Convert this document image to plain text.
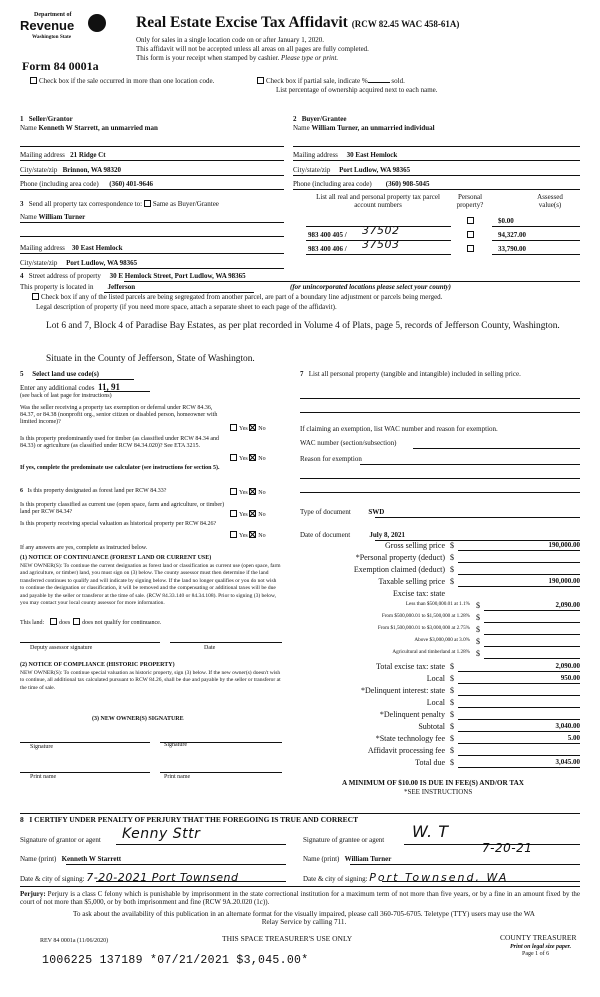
Department of
Revenue
Washington State
Form 84 0001a
Real Estate Excise Tax Affidavit (RCW 82.45 WAC 458-61A)
Only for sales in a single location code on or after January 1, 2020.
This affidavit will not be accepted unless all areas on all pages are fully completed.
This form is your receipt when stamped by cashier. Please type or print.
Check box if the sale occurred in more than one location code.	Check box if partial sale, indicate %	sold.
List percentage of ownership acquired next to each name.
1 Seller/Grantor
Name Kenneth W Starrett, an unmarried man
2 Buyer/Grantee
Name William Turner, an unmarried individual
Mailing address 21 Ridge Ct
City/state/zip Brinnon, WA 98320
Phone (including area code) (360) 401-9646
Mailing address 30 East Hemlock
City/state/zip Port Ludlow, WA 98365
Phone (including area code) (360) 908-5045
3 Send all property tax correspondence to: Same as Buyer/Grantee
Name William Turner
Mailing address 30 East Hemlock
City/state/zip Port Ludlow, WA 98365
List all real and personal property tax parcel account numbers
Personal property?
Assessed value(s)
$0.00
983 400 405 / 37502	94,327.00
983 400 406 / 37503	33,790.00
4 Street address of property 30 E Hemlock Street, Port Ludlow, WA 98365
This property is located in Jefferson	(for unincorporated locations please select your county)
Check box if any of the listed parcels are being segregated from another parcel, are part of a boundary line adjustment or parcels being merged.
Legal description of property (if you need more space, attach a separate sheet to each page of the affidavit).
Lot 6 and 7, Block 4 of Paradise Bay Estates, as per plat recorded in Volume 4 of Plats, page 5, records of Jefferson County, Washington.
Situate in the County of Jefferson, State of Washington.
5 Select land use code(s)
Enter any additional codes 11, 91
(see back of last page for instructions)
Was the seller receiving a property tax exemption or deferral under RCW 84.36, 84.37, or 84.38 (nonprofit org., senior citizen or disabled person, homeowner with limited income)?
Yes No
Is this property predominantly used for timber (as classified under RCW 84.34 and 84.33) or agriculture (as classified under RCW 84.34.020)? See ETA 3215.
Yes No
If yes, complete the predominate use calculator (see instructions for section 5).
6 Is this property designated as forest land per RCW 84.33?	Yes No
Is this property classified as current use (open space, farm and agriculture, or timber) land per RCW 84.34?
Yes No
Is this property receiving special valuation as historical property per RCW 84.26?
Yes No
If any answers are yes, complete as instructed below.
(1) NOTICE OF CONTINUANCE (FOREST LAND OR CURRENT USE)
NEW OWNER(S): To continue the current designation as forest land or classification as current use (open space, farm and agriculture, or timber) land, you must sign on (3) below. The county assessor must then determine if the land transferred continues to qualify and will indicate by signing below. If the land no longer qualifies or you do not wish to continue the designation or classification, it will be removed and the compensating or additional taxes will be due and payable by the seller or transferor at the time of sale. (RCW 84.33.140 or 84.34.108). Prior to signing (3) below, you may contact your local county assessor for more information.
This land:	does does not qualify for continuance.
Deputy assessor signature	Date
(2) NOTICE OF COMPLIANCE (HISTORIC PROPERTY)
NEW OWNER(S): To continue special valuation as historic property, sign (3) below. If the new owner(s) doesn't wish to continue, all additional tax calculated pursuant to RCW 84.26, shall be due and payable by the seller or transferor at the time of sale.
(3) NEW OWNER(S) SIGNATURE
Signature	Signature
Print name	Print name
7 List all personal property (tangible and intangible) included in selling price.
If claiming an exemption, list WAC number and reason for exemption.
WAC number (section/subsection)
Reason for exemption
Type of document	SWD
Date of document	July 8, 2021
Gross selling price $	190,000.00
*Personal property (deduct) $
Exemption claimed (deduct) $
Taxable selling price $	190,000.00
Excise tax: state
Less than $500,000.01 at 1.1% $	2,090.00
From $500,000.01 to $1,500,000 at 1.28% $
From $1,500,000.01 to $3,000,000 at 2.75% $
Above $3,000,000 at 3.0% $
Agricultural and timberland at 1.28% $
Total excise tax: state $	2,090.00
Local $	950.00
*Delinquent interest: state $
Local $
*Delinquent penalty $
Subtotal $	3,040.00
*State technology fee $	5.00
Affidavit processing fee $
Total due $	3,045.00
A MINIMUM OF $10.00 IS DUE IN FEE(S) AND/OR TAX
*SEE INSTRUCTIONS
8 I CERTIFY UNDER PENALTY OF PERJURY THAT THE FOREGOING IS TRUE AND CORRECT
Signature of grantor or agent Kenny Sttr	Signature of grantee or agent W. T
Name (print) Kenneth W Starrett
7-20-21
Name (print) William Turner
Date & city of signing: 7-20-2021 Port Townsend	Date & city of signing: Port Townsend, WA
Perjury: Perjury is a class C felony which is punishable by imprisonment in the state correctional institution for a maximum term of not more than five years, or by a fine in an amount fixed by the court of not more than $5,000, or by both imprisonment and fine (RCW 9A.20.020 (1c)).
To ask about the availability of this publication in an alternate format for the visually impaired, please call 360-705-6705. Teletype (TTY) users may use the WA Relay Service by calling 711.
REV 84 0001a (11/06/2020)	THIS SPACE TREASURER'S USE ONLY	COUNTY TREASURER
Print on legal size paper.
Page 1 of 6
1006225 137189 *07/21/2021 $3,045.00*
